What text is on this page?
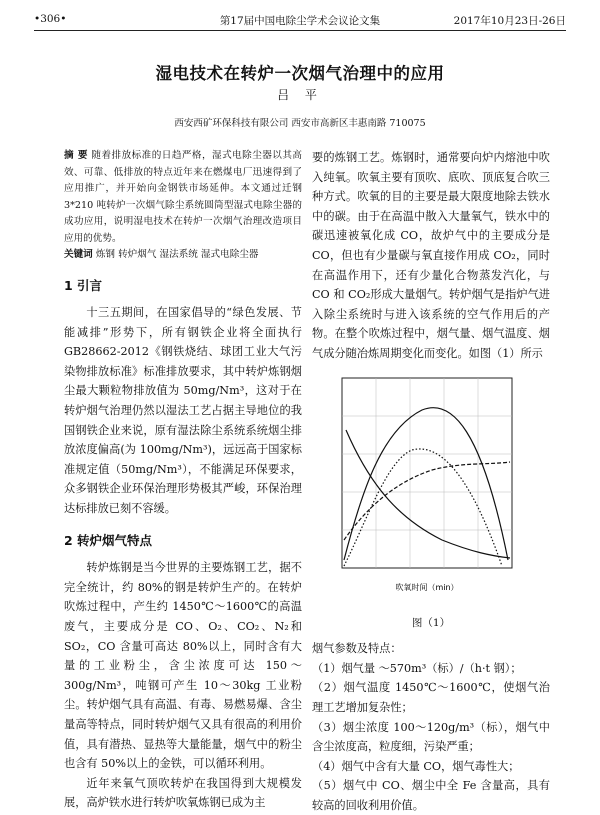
•306•	第17届中国电除尘学术会议论文集	2017年10月23日-26日
湿电技术在转炉一次烟气治理中的应用
吕 平
西安西矿环保科技有限公司 西安市高新区丰惠南路 710075
摘 要 随着排放标准的日趋严格，湿式电除尘器以其高效、可靠、低排放的特点近年来在燃煤电厂迅速得到了应用推广，并开始向金钢铁市场延伸。本文通过迁钢 3*210 吨转炉一次烟气除尘系统圆筒型湿式电除尘器的成功应用，说明湿电技术在转炉一次烟气治理改造项目应用的优势。
关键词 炼钢 转炉烟气 湿法系统 湿式电除尘器
1 引言

十三五期间，在国家倡导的“绿色发展、节能减排”形势下，所有钢铁企业将全面执行 GB28662-2012《钢铁烧结、球团工业大气污染物排放标准》标准排放要求，其中转炉炼钢烟尘最大颗粒物排放值为 50mg/Nm³，这对于在转炉烟气治理仍然以湿法工艺占据主导地位的我国钢铁企业来说，原有湿法除尘系统系统烟尘排放浓度偏高(为 100mg/Nm³)，远远高于国家标准规定值（50mg/Nm³），不能满足环保要求，众多钢铁企业环保治理形势极其严峻，环保治理达标排放已刻不容缓。

2 转炉烟气特点

转炉炼钢是当今世界的主要炼钢工艺，据不完全统计，约 80%的钢是转炉生产的。在转炉吹炼过程中，产生约 1450℃～1600℃的高温废气，主要成分是 CO、O₂、CO₂、N₂和 SO₂，CO 含量可高达 80%以上，同时含有大量的工业粉尘，含尘浓度可达 150～300g/Nm³，吨钢可产生 10～30kg 工业粉尘。转炉烟气具有高温、有毒、易燃易爆、含尘量高等特点，同时转炉烟气又具有很高的利用价值，具有潜热、显热等大量能量，烟气中的粉尘也含有 50%以上的金铁，可以循环利用。

近年来氧气顶吹转炉在我国得到大规模发展，高炉铁水进行转炉吹氧炼钢已成为主

要的炼钢工艺。炼钢时，通常要向炉内熔池中吹入纯氧。吹氧主要有顶吹、底吹、顶底复合吹三种方式。吹氧的目的主要是最大限度地除去铁水中的碳。由于在高温中散入大量氧气，铁水中的碳迅速被氧化成 CO，故炉气中的主要成分是 CO，但也有少量碳与氧直接作用成 CO₂，同时在高温作用下，还有少量化合物蒸发汽化，与 CO 和 CO₂形成大量烟气。转炉烟气是指炉气进入除尘系统时与进入该系统的空气作用后的产物。在整个吹炼过程中，烟气量、烟气温度、烟气成分随冶炼周期变化而变化。如图（1）所示

吹氧时间（min）
图（1）

烟气参数及特点：

（1）烟气量 ～570m³（标）/（h·t 钢）；
（2）烟气温度 1450℃～1600℃，使烟气治理工艺增加复杂性；
（3）烟尘浓度 100～120g/m³（标），烟气中含尘浓度高，粒度细，污染严重；
（4）烟气中含有大量 CO，烟气毒性大；
（5）烟气中 CO、烟尘中全 Fe 含量高，具有较高的回收利用价值。
